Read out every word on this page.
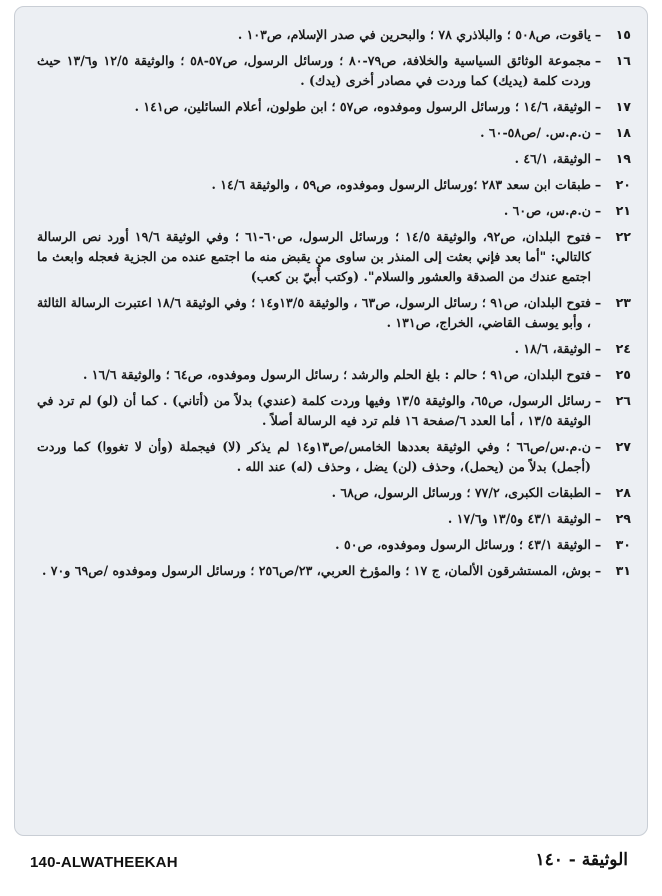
١٥
–
ياقوت، ص٥٠٨ ؛ والبلاذري ٧٨ ؛ والبحرين في صدر الإسلام، ص١٠٣ .
١٦
–
مجموعة الوثائق السياسية والخلافة، ص٧٩-٨٠ ؛ ورسائل الرسول، ص٥٧-٥٨ ؛ والوثيقة ١٢/٥ و١٣/٦ حيث وردت كلمة (يديك) كما وردت في مصادر أخرى (يدك) .
١٧
–
الوثيقة، ١٤/٦ ؛ ورسائل الرسول وموفدوه، ص٥٧ ؛ ابن طولون، أعلام السائلين، ص١٤١ .
١٨
–
ن.م.س. /ص٥٨-٦٠ .
١٩
–
الوثيقة، ٤٦/١ .
٢٠
–
طبقات ابن سعد ٢٨٣ ؛ورسائل الرسول وموفدوه، ص٥٩ ، والوثيقة ١٤/٦ .
٢١
–
ن.م.س، ص٦٠ .
٢٢
–
فتوح البلدان، ص٩٢، والوثيقة ١٤/٥ ؛ ورسائل الرسول، ص٦٠-٦١ ؛ وفي الوثيقة ١٩/٦ أورد نص الرسالة كالتالي: "أما بعد فإني بعثت إلى المنذر بن ساوى من يقبض منه ما اجتمع عنده من الجزية فعجله وابعث ما اجتمع عندك من الصدقة والعشور والسلام". (وكتب أُبيّ بن كعب)
٢٣
–
فتوح البلدان، ص٩١ ؛ رسائل الرسول، ص٦٣ ، والوثيقة ١٣/٥و١٤ ؛ وفي الوثيقة ١٨/٦ اعتبرت الرسالة الثالثة ، وأبو يوسف القاضي، الخراج، ص١٣١ .
٢٤
–
الوثيقة، ١٨/٦ .
٢٥
–
فتوح البلدان، ص٩١ ؛ حالم : بلغ الحلم والرشد ؛ رسائل الرسول وموفدوه، ص٦٤ ؛ والوثيقة ١٦/٦ .
٢٦
–
رسائل الرسول، ص٦٥، والوثيقة ١٣/٥ وفيها وردت كلمة (عندي) بدلاً من (أتاني) . كما أن (لو) لم ترد في الوثيقة ١٣/٥ ، أما العدد ٦/صفحة ١٦ فلم ترد فيه الرسالة أصلاً .
٢٧
–
ن.م.س/ص٦٦ ؛ وفي الوثيقة بعددها الخامس/ص١٣و١٤ لم يذكر (لا) فيجملة (وأن لا تغووا) كما وردت (أجمل) بدلاً من (يحمل)، وحذف (لن) يضل ، وحذف (له) عند الله .
٢٨
–
الطبقات الكبرى، ٧٧/٢ ؛ ورسائل الرسول، ص٦٨ .
٢٩
–
الوثيقة ٤٣/١ و١٣/٥ و١٧/٦ .
٣٠
–
الوثيقة ٤٣/١ ؛ ورسائل الرسول وموفدوه، ص٥٠ .
٣١
–
بوش، المستشرقون الألمان، ج ١٧ ؛ والمؤرخ العربي، ٢٣/ص٢٥٦ ؛ ورسائل الرسول وموفدوه /ص٦٩ و٧٠ .
140-ALWATHEEKAH	الوثيقة - ١٤٠
